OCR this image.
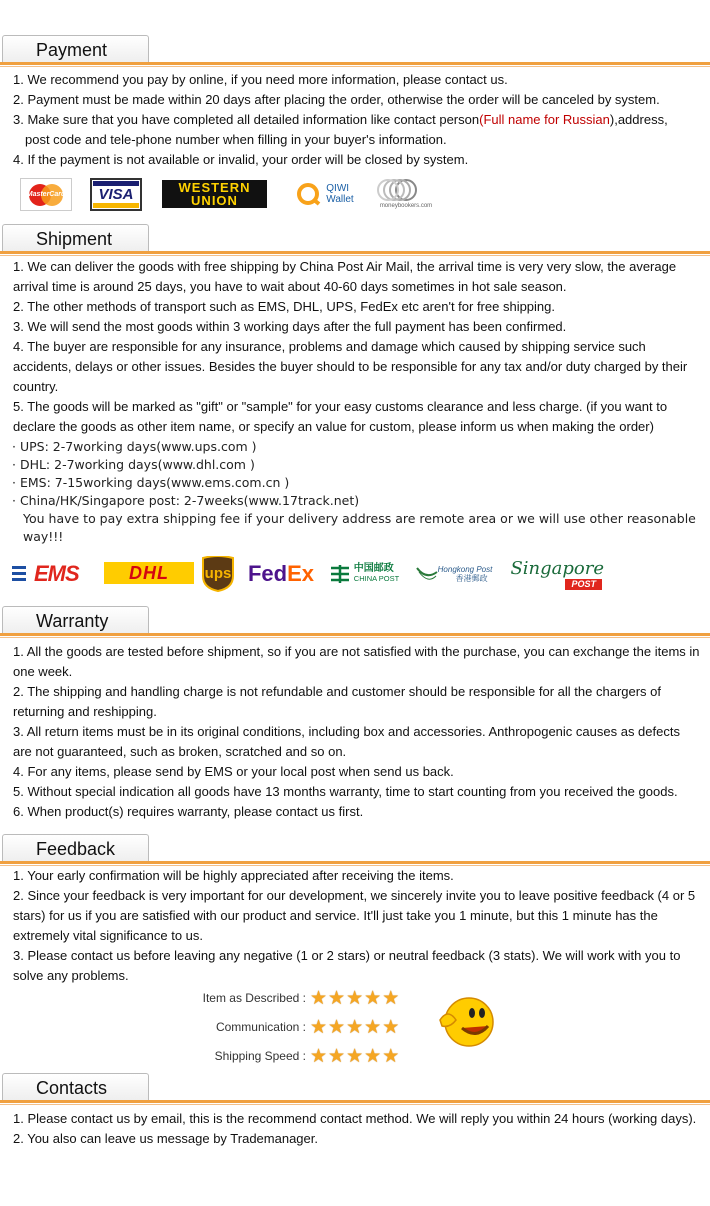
Payment

1. We recommend you pay by online, if you need more information, please contact us.

2. Payment must be made within 20 days after placing the order, otherwise the order will be canceled by system.

3. Make sure that you have completed all detailed information like contact person(Full name for Russian),address,

post code and tele-phone number when filling in your buyer's information.

4. If the payment is not available or invalid, your order will be closed by system.

MasterCard VISA	WESTERN
UNION
QIWI
Wallet
moneybookers.com
Shipment

1. We can deliver the goods with free shipping by China Post Air Mail, the arrival time is very very slow, the average arrival time is around 25 days, you have to wait about 40-60 days sometimes in hot sale season.

2. The other methods of transport such as EMS, DHL, UPS, FedEx etc aren't for free shipping.

3. We will send the most goods within 3 working days after the full payment has been confirmed.

4. The buyer are responsible for any insurance, problems and damage which caused by shipping service such accidents, delays or other issues. Besides the buyer should to be responsible for any tax and/or duty charged by their country.

5. The goods will be marked as "gift" or "sample" for your easy customs clearance and less charge. (if you want to declare the goods as other item name, or specify an value for custom, please inform us when making the order)

· UPS: 2-7working days(www.ups.com )
· DHL: 2-7working days(www.dhl.com )
· EMS: 7-15working days(www.ems.com.cn )
· China/HK/Singapore post: 2-7weeks(www.17track.net)
You have to pay extra shipping fee if your delivery address are remote area or we will use other reasonable way!!!
EMS	DHL ups Fed Ex	中国邮政
CHINA POST
Hongkong Post
香港郵政 Singapore
POST
Warranty

1. All the goods are tested before shipment, so if you are not satisfied with the purchase, you can exchange the items in one week.

2. The shipping and handling charge is not refundable and customer should be responsible for all the chargers of returning and reshipping.

3. All return items must be in its original conditions, including box and accessories. Anthropogenic causes as defects are not guaranteed, such as broken, scratched and so on.

4. For any items, please send by EMS or your local post when send us back.

5. Without special indication all goods have 13 months warranty, time to start counting from you received the goods.

6. When product(s) requires warranty, please contact us first.

Feedback

1. Your early confirmation will be highly appreciated after receiving the items.

2. Since your feedback is very important for our development, we sincerely invite you to leave positive feedback (4 or 5 stars) for us if you are satisfied with our product and service. It'll just take you 1 minute, but this 1 minute has the extremely vital significance to us.

3. Please contact us before leaving any negative (1 or 2 stars) or neutral feedback (3 stats). We will work with you to solve any problems.

Item as Described : ★ ★ ★ ★ ★
Communication : ★ ★ ★ ★ ★
Shipping Speed : ★ ★ ★ ★ ★
Contacts

1. Please contact us by email, this is the recommend contact method. We will reply you within 24 hours (working days).

2. You also can leave us message by Trademanager.
